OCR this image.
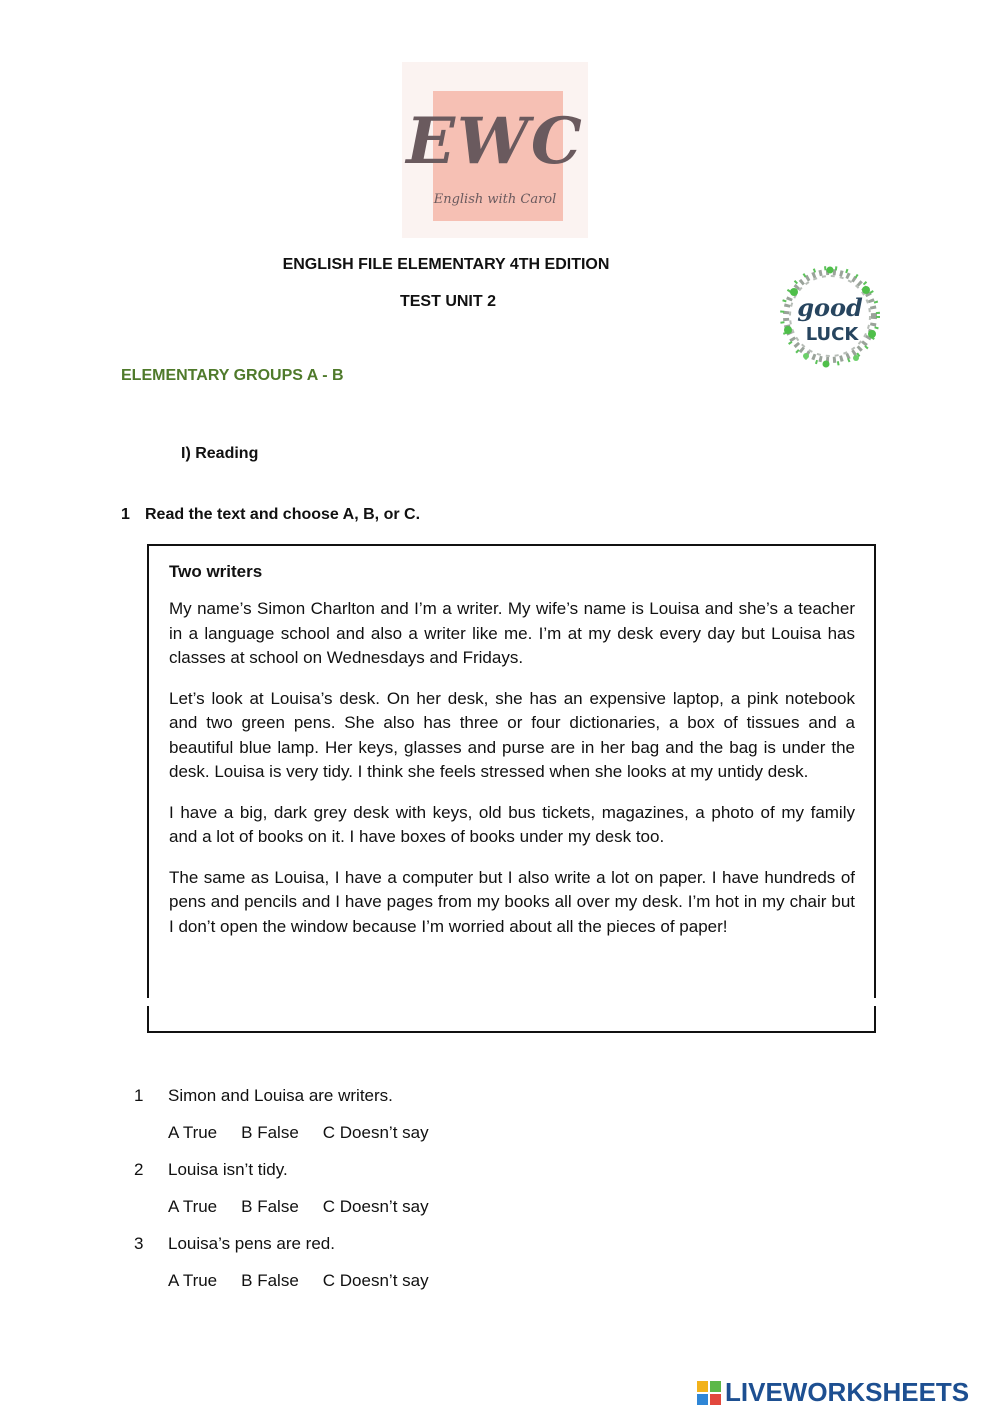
EWC
English with Carol
ENGLISH FILE ELEMENTARY 4TH EDITION
TEST UNIT 2
ELEMENTARY GROUPS A - B
good
LUCK
I) Reading
1 Read the text and choose A, B, or C.

Two writers

My name’s Simon Charlton and I’m a writer. My wife’s name is Louisa and she’s a teacher in a language school and also a writer like me. I’m at my desk every day but Louisa has classes at school on Wednesdays and Fridays.

Let’s look at Louisa’s desk. On her desk, she has an expensive laptop, a pink notebook and two green pens. She also has three or four dictionaries, a box of tissues and a beautiful blue lamp. Her keys, glasses and purse are in her bag and the bag is under the desk. Louisa is very tidy. I think she feels stressed when she looks at my untidy desk.

I have a big, dark grey desk with keys, old bus tickets, magazines, a photo of my family and a lot of books on it. I have boxes of books under my desk too.

The same as Louisa, I have a computer but I also write a lot on paper. I have hundreds of pens and pencils and I have pages from my books all over my desk. I’m hot in my chair but I don’t open the window because I’m worried about all the pieces of paper!

1	Simon and Louisa are writers.
A True B False C Doesn’t say
2	Louisa isn’t tidy.
A True B False C Doesn’t say
3	Louisa’s pens are red.
A True B False C Doesn’t say
LIVEWORKSHEETS
